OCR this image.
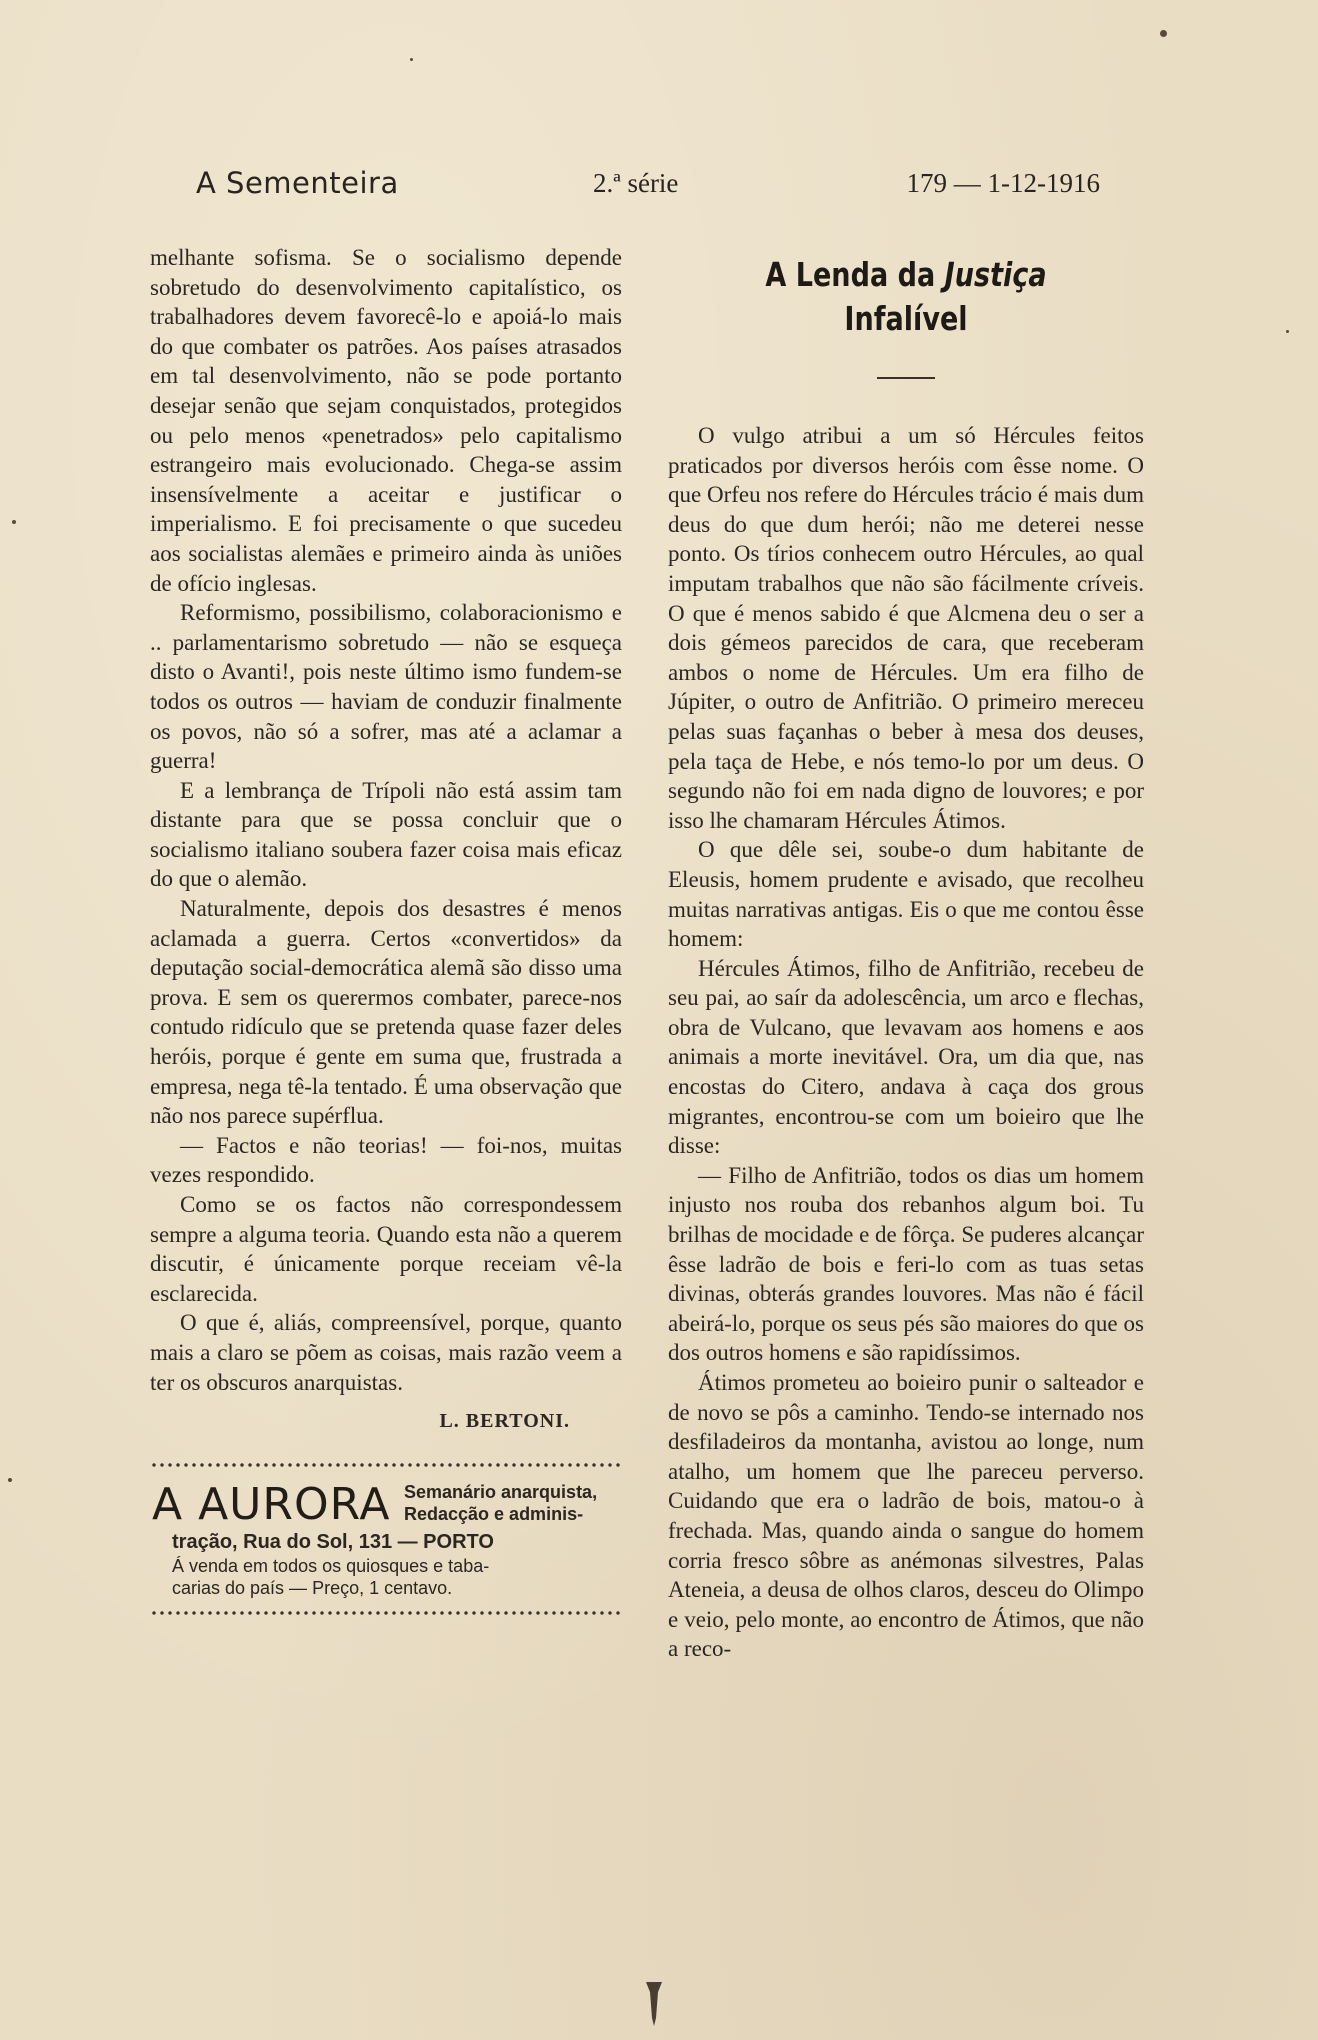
A Sementeira	2.ª série	179 — 1-12-1916

melhante sofisma. Se o socialismo depende sobretudo do desenvolvimento capitalístico, os trabalhadores devem favorecê-lo e apoiá-lo mais do que combater os patrões. Aos países atrasados em tal desenvolvimento, não se pode portanto desejar senão que sejam conquistados, protegidos ou pelo menos «penetrados» pelo capitalismo estrangeiro mais evolucionado. Chega-se assim insensívelmente a aceitar e justificar o imperialismo. E foi precisamente o que sucedeu aos socialistas alemães e primeiro ainda às uniões de ofício inglesas.

Reformismo, possibilismo, colaboracionismo e .. parlamentarismo sobretudo — não se esqueça disto o Avanti!, pois neste último ismo fundem-se todos os outros — haviam de conduzir finalmente os povos, não só a sofrer, mas até a aclamar a guerra!

E a lembrança de Trípoli não está assim tam distante para que se possa concluir que o socialismo italiano soubera fazer coisa mais eficaz do que o alemão.

Naturalmente, depois dos desastres é menos aclamada a guerra. Certos «convertidos» da deputação social-democrática alemã são disso uma prova. E sem os querermos combater, parece-nos contudo ridículo que se pretenda quase fazer deles heróis, porque é gente em suma que, frustrada a empresa, nega tê-la tentado. É uma observação que não nos parece supérflua.

— Factos e não teorias! — foi-nos, muitas vezes respondido.

Como se os factos não correspondessem sempre a alguma teoria. Quando esta não a querem discutir, é únicamente porque receiam vê-la esclarecida.

O que é, aliás, compreensível, porque, quanto mais a claro se põem as coisas, mais razão veem a ter os obscuros anarquistas.

L. BERTONI.
A AURORA Semanário anarquista,
Redacção e adminis-
tração, Rua do Sol, 131 — PORTO
Á venda em todos os quiosques e taba-
carias do país — Preço, 1 centavo.
A Lenda da Justiça Infalível

O vulgo atribui a um só Hércules feitos praticados por diversos heróis com êsse nome. O que Orfeu nos refere do Hércules trácio é mais dum deus do que dum herói; não me deterei nesse ponto. Os tírios conhecem outro Hércules, ao qual imputam trabalhos que não são fácilmente críveis. O que é menos sabido é que Alcmena deu o ser a dois gémeos parecidos de cara, que receberam ambos o nome de Hércules. Um era filho de Júpiter, o outro de Anfitrião. O primeiro mereceu pelas suas façanhas o beber à mesa dos deuses, pela taça de Hebe, e nós temo-lo por um deus. O segundo não foi em nada digno de louvores; e por isso lhe chamaram Hércules Átimos.

O que dêle sei, soube-o dum habitante de Eleusis, homem prudente e avisado, que recolheu muitas narrativas antigas. Eis o que me contou êsse homem:

Hércules Átimos, filho de Anfitrião, recebeu de seu pai, ao saír da adolescência, um arco e flechas, obra de Vulcano, que levavam aos homens e aos animais a morte inevitável. Ora, um dia que, nas encostas do Citero, andava à caça dos grous migrantes, encontrou-se com um boieiro que lhe disse:

— Filho de Anfitrião, todos os dias um homem injusto nos rouba dos rebanhos algum boi. Tu brilhas de mocidade e de fôrça. Se puderes alcançar êsse ladrão de bois e feri-lo com as tuas setas divinas, obterás grandes louvores. Mas não é fácil abeirá-lo, porque os seus pés são maiores do que os dos outros homens e são rapidíssimos.

Átimos prometeu ao boieiro punir o salteador e de novo se pôs a caminho. Tendo-se internado nos desfiladeiros da montanha, avistou ao longe, num atalho, um homem que lhe pareceu perverso. Cuidando que era o ladrão de bois, matou-o à frechada. Mas, quando ainda o sangue do homem corria fresco sôbre as anémonas silvestres, Palas Ateneia, a deusa de olhos claros, desceu do Olimpo e veio, pelo monte, ao encontro de Átimos, que não a reco-
